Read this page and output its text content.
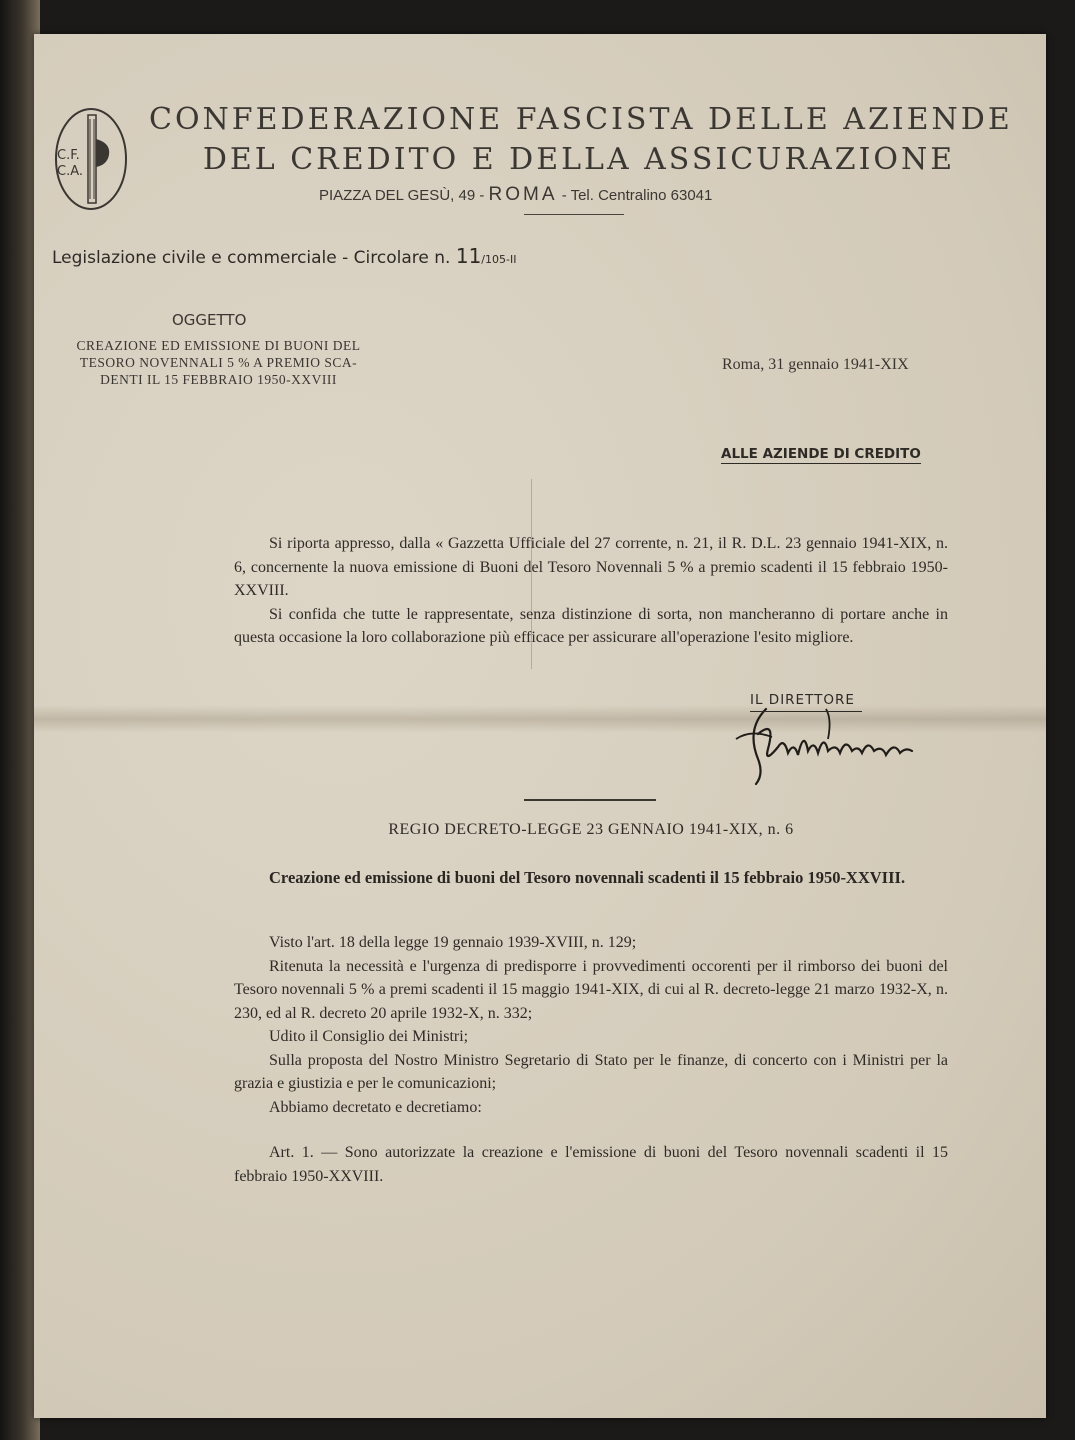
C.F.
C.A.
CONFEDERAZIONE FASCISTA DELLE AZIENDE
DEL CREDITO E DELLA ASSICURAZIONE
PIAZZA DEL GESÙ, 49 - ROMA - Tel. Centralino 63041
Legislazione civile e commerciale - Circolare n. 11/105-II
OGGETTO
CREAZIONE ED EMISSIONE DI BUONI DEL
TESORO NOVENNALI 5 % A PREMIO SCA-
DENTI IL 15 FEBBRAIO 1950-XXVIII
Roma, 31 gennaio 1941-XIX
ALLE AZIENDE DI CREDITO

Si riporta appresso, dalla « Gazzetta Ufficiale del 27 corrente, n. 21, il R. D.L. 23 gennaio 1941-XIX, n. 6, concernente la nuova emissione di Buoni del Tesoro Novennali 5 % a premio scadenti il 15 febbraio 1950-XXVIII.

Si confida che tutte le rappresentate, senza distinzione di sorta, non mancheranno di portare anche in questa occasione la loro collaborazione più efficace per assicurare all'operazione l'esito migliore.

IL DIRETTORE
REGIO DECRETO-LEGGE 23 GENNAIO 1941-XIX, n. 6
Creazione ed emissione di buoni del Tesoro novennali scadenti il 15 febbraio 1950-XXVIII.

Visto l'art. 18 della legge 19 gennaio 1939-XVIII, n. 129;

Ritenuta la necessità e l'urgenza di predisporre i provvedimenti occorenti per il rimborso dei buoni del Tesoro novennali 5 % a premi scadenti il 15 maggio 1941-XIX, di cui al R. decreto-legge 21 marzo 1932-X, n. 230, ed al R. decreto 20 aprile 1932-X, n. 332;

Udito il Consiglio dei Ministri;

Sulla proposta del Nostro Ministro Segretario di Stato per le finanze, di concerto con i Ministri per la grazia e giustizia e per le comunicazioni;

Abbiamo decretato e decretiamo:

Art. 1. — Sono autorizzate la creazione e l'emissione di buoni del Tesoro novennali scadenti il 15 febbraio 1950-XXVIII.
